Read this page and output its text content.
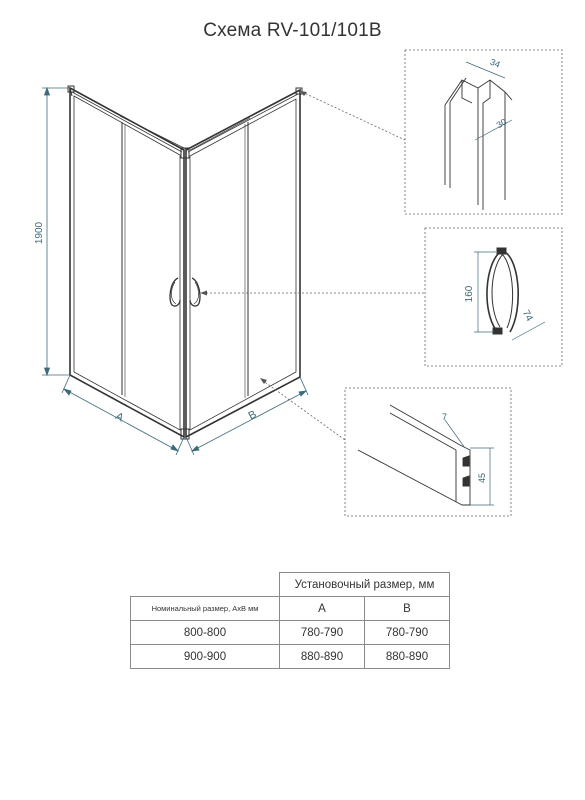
Схема RV-101/101B
1900
A	B
34
30
160
74
7
45
	Установочный размер, мм	
Номинальный размер, АхВ мм	A	B
800-800	780-790	780-790
900-900	880-890	880-890
